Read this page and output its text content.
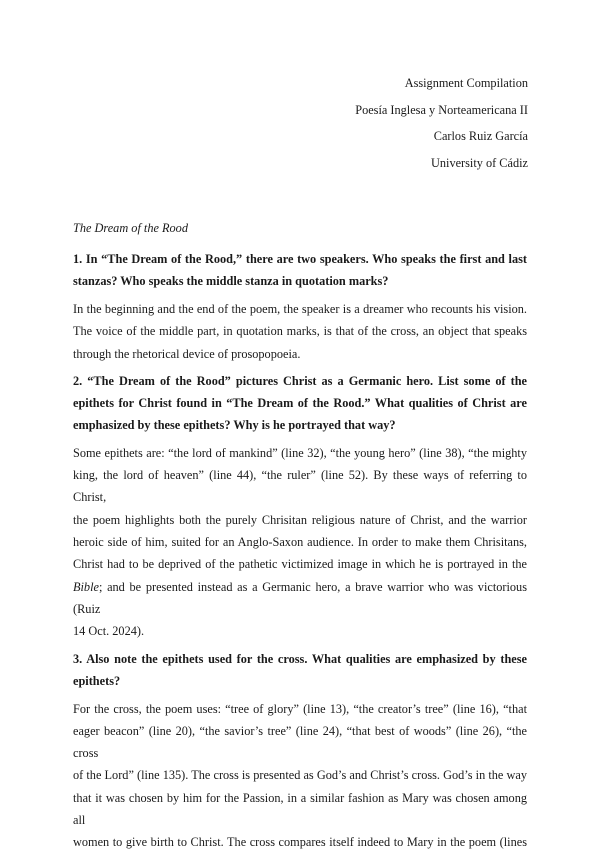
Assignment Compilation
Poesía Inglesa y Norteamericana II
Carlos Ruiz García
University of Cádiz
The Dream of the Rood
1. In “The Dream of the Rood,” there are two speakers. Who speaks the first and last
stanzas? Who speaks the middle stanza in quotation marks?
In the beginning and the end of the poem, the speaker is a dreamer who recounts his vision.
The voice of the middle part, in quotation marks, is that of the cross, an object that speaks
through the rhetorical device of prosopopoeia.
2. “The Dream of the Rood” pictures Christ as a Germanic hero. List some of the
epithets for Christ found in “The Dream of the Rood.” What qualities of Christ are
emphasized by these epithets? Why is he portrayed that way?
Some epithets are: “the lord of mankind” (line 32), “the young hero” (line 38), “the mighty
king, the lord of heaven” (line 44), “the ruler” (line 52). By these ways of referring to Christ,
the poem highlights both the purely Chrisitan religious nature of Christ, and the warrior
heroic side of him, suited for an Anglo-Saxon audience. In order to make them Chrisitans,
Christ had to be deprived of the pathetic victimized image in which he is portrayed in the
Bible; and be presented instead as a Germanic hero, a brave warrior who was victorious (Ruiz
14 Oct. 2024).
3. Also note the epithets used for the cross. What qualities are emphasized by these
epithets?
For the cross, the poem uses: “tree of glory” (line 13), “the creator’s tree” (line 16), “that
eager beacon” (line 20), “the savior’s tree” (line 24), “that best of woods” (line 26), “the cross
of the Lord” (line 135). The cross is presented as God’s and Christ’s cross. God’s in the way
that it was chosen by him for the Passion, in a similar fashion as Mary was chosen among all
women to give birth to Christ. The cross compares itself indeed to Mary in the poem (lines
